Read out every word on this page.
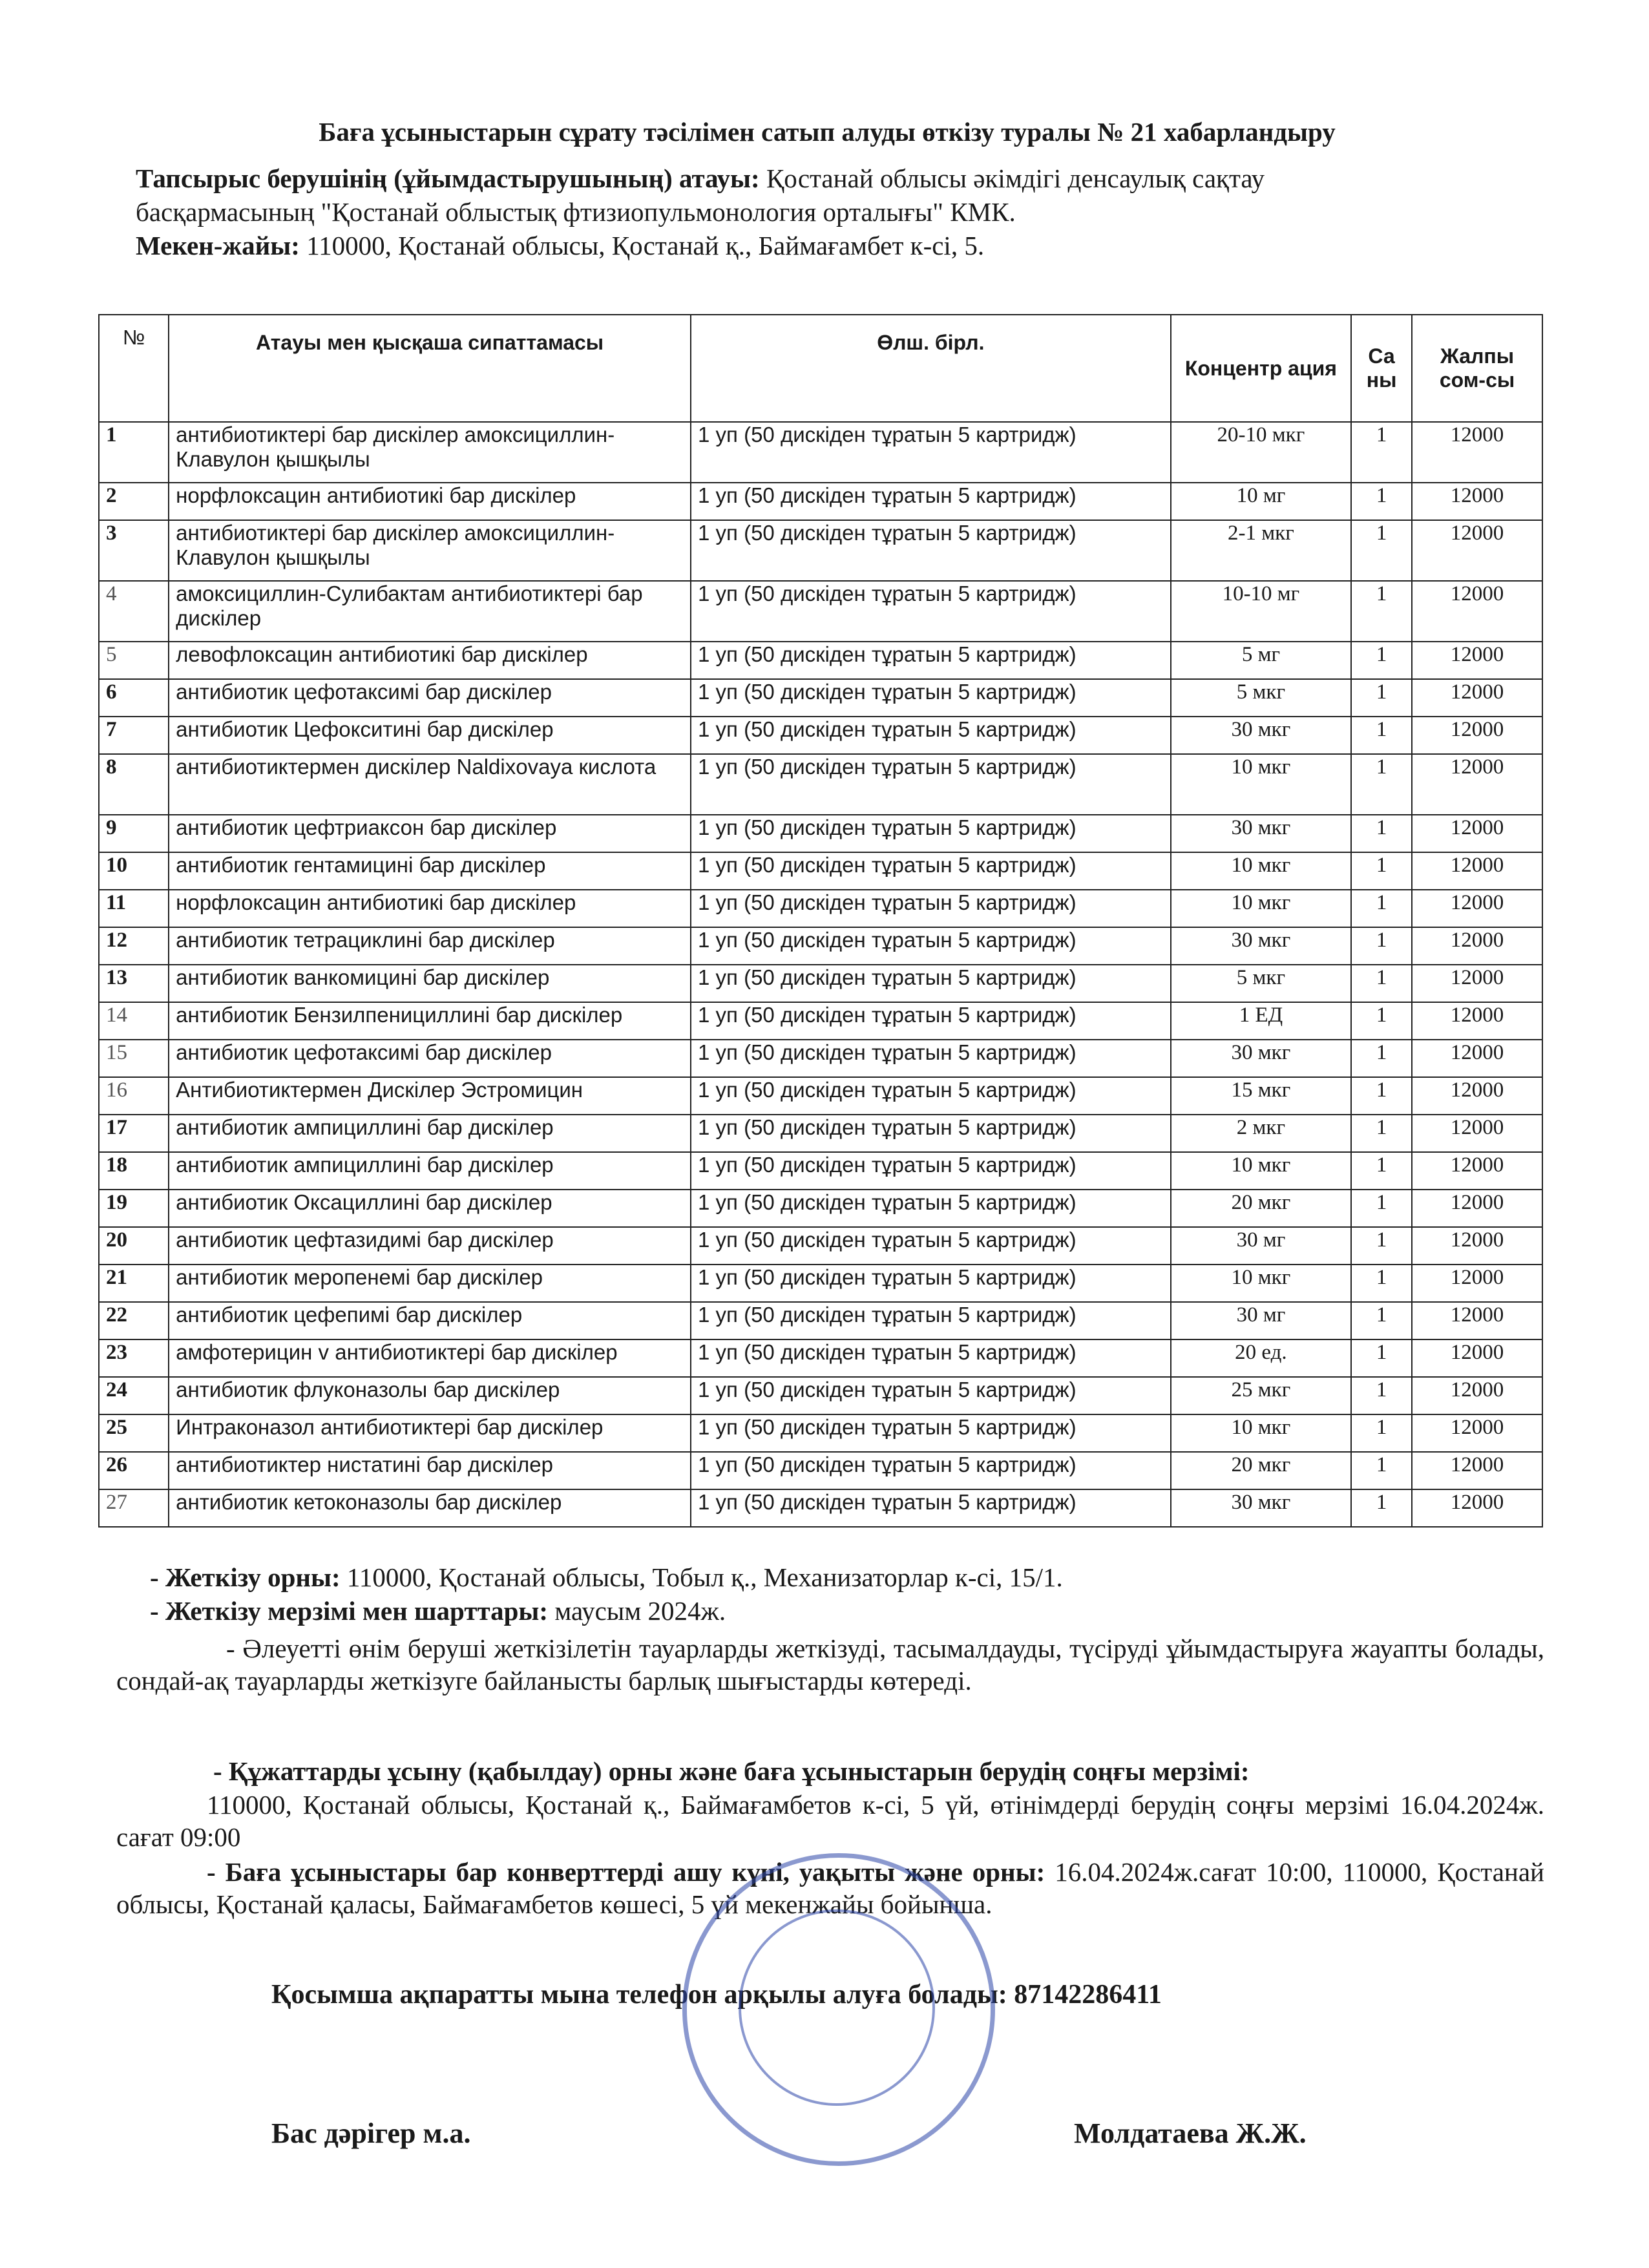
Баға ұсыныстарын сұрату тәсілімен сатып алуды өткізу туралы № 21 хабарландыру
Тапсырыс берушінің (ұйымдастырушының) атауы: Қостанай облысы әкімдігі денсаулық сақтау
басқармасының "Қостанай облыстық фтизиопульмонология орталығы" КМК.
Мекен-жайы: 110000, Қостанай облысы, Қостанай қ., Баймағамбет к-сі, 5.
№	Атауы мен қысқаша сипаттамасы	Өлш. бірл.	Концентр ация	Са ны	Жалпы сом-сы
1	антибиотиктері бар дискілер амоксициллин-Клавулон қышқылы	1 уп (50 дискіден тұратын 5 картридж)	20-10 мкг	1	12000
2	норфлоксацин антибиотикі бар дискілер	1 уп (50 дискіден тұратын 5 картридж)	10 мг	1	12000
3	антибиотиктері бар дискілер амоксициллин-Клавулон қышқылы	1 уп (50 дискіден тұратын 5 картридж)	2-1 мкг	1	12000
4	амоксициллин-Сулибактам антибиотиктері бар дискілер	1 уп (50 дискіден тұратын 5 картридж)	10-10 мг	1	12000
5	левофлоксацин антибиотикі бар дискілер	1 уп (50 дискіден тұратын 5 картридж)	5 мг	1	12000
6	антибиотик цефотаксимі бар дискілер	1 уп (50 дискіден тұратын 5 картридж)	5 мкг	1	12000
7	антибиотик Цефокситині бар дискілер	1 уп (50 дискіден тұратын 5 картридж)	30 мкг	1	12000
8	антибиотиктермен дискілер Naldixovaya кислота	1 уп (50 дискіден тұратын 5 картридж)	10 мкг	1	12000
9	антибиотик цефтриаксон бар дискілер	1 уп (50 дискіден тұратын 5 картридж)	30 мкг	1	12000
10	антибиотик гентамицині бар дискілер	1 уп (50 дискіден тұратын 5 картридж)	10 мкг	1	12000
11	норфлоксацин антибиотикі бар дискілер	1 уп (50 дискіден тұратын 5 картридж)	10 мкг	1	12000
12	антибиотик тетрациклині бар дискілер	1 уп (50 дискіден тұратын 5 картридж)	30 мкг	1	12000
13	антибиотик ванкомицині бар дискілер	1 уп (50 дискіден тұратын 5 картридж)	5 мкг	1	12000
14	антибиотик Бензилпенициллині бар дискілер	1 уп (50 дискіден тұратын 5 картридж)	1 ЕД	1	12000
15	антибиотик цефотаксимі бар дискілер	1 уп (50 дискіден тұратын 5 картридж)	30 мкг	1	12000
16	Антибиотиктермен Дискілер Эстромицин	1 уп (50 дискіден тұратын 5 картридж)	15 мкг	1	12000
17	антибиотик ампициллині бар дискілер	1 уп (50 дискіден тұратын 5 картридж)	2 мкг	1	12000
18	антибиотик ампициллині бар дискілер	1 уп (50 дискіден тұратын 5 картридж)	10 мкг	1	12000
19	антибиотик Оксациллині бар дискілер	1 уп (50 дискіден тұратын 5 картридж)	20 мкг	1	12000
20	антибиотик цефтазидимі бар дискілер	1 уп (50 дискіден тұратын 5 картридж)	30 мг	1	12000
21	антибиотик меропенемі бар дискілер	1 уп (50 дискіден тұратын 5 картридж)	10 мкг	1	12000
22	антибиотик цефепимі бар дискілер	1 уп (50 дискіден тұратын 5 картридж)	30 мг	1	12000
23	амфотерицин v антибиотиктері бар дискілер	1 уп (50 дискіден тұратын 5 картридж)	20 ед.	1	12000
24	антибиотик флуконазолы бар дискілер	1 уп (50 дискіден тұратын 5 картридж)	25 мкг	1	12000
25	Интраконазол антибиотиктері бар дискілер	1 уп (50 дискіден тұратын 5 картридж)	10 мкг	1	12000
26	антибиотиктер нистатині бар дискілер	1 уп (50 дискіден тұратын 5 картридж)	20 мкг	1	12000
27	антибиотик кетоконазолы бар дискілер	1 уп (50 дискіден тұратын 5 картридж)	30 мкг	1	12000
- Жеткізу орны: 110000, Қостанай облысы, Тобыл қ., Механизаторлар к-сі, 15/1.
- Жеткізу мерзімі мен шарттары: маусым 2024ж.
- Әлеуетті өнім беруші жеткізілетін тауарларды жеткізуді, тасымалдауды, түсіруді ұйымдастыруға жауапты болады, сондай-ақ тауарларды жеткізуге байланысты барлық шығыстарды көтереді.
- Құжаттарды ұсыну (қабылдау) орны және баға ұсыныстарын берудің соңғы мерзімі:
110000, Қостанай облысы, Қостанай қ., Баймағамбетов к-сі, 5 үй, өтінімдерді берудің соңғы мерзімі 16.04.2024ж. сағат 09:00
- Баға ұсыныстары бар конверттерді ашу күні, уақыты және орны: 16.04.2024ж.сағат 10:00, 110000, Қостанай облысы, Қостанай қаласы, Баймағамбетов көшесі, 5 үй мекенжайы бойынша.
Қосымша ақпаратты мына телефон арқылы алуға болады: 87142286411
Бас дәрігер м.а.	Молдатаева Ж.Ж.
